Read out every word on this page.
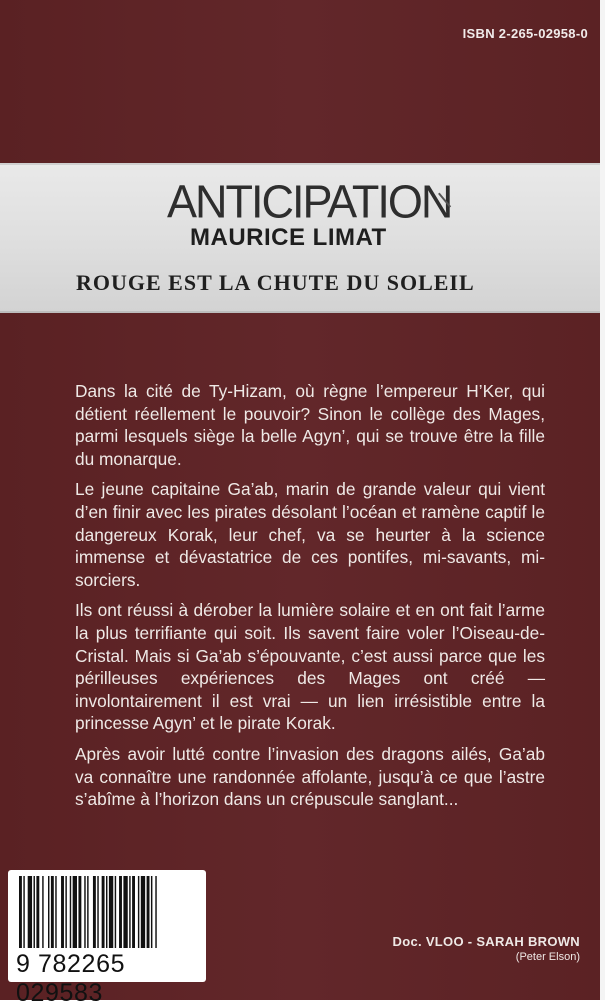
ISBN 2-265-02958-0
ANTICIPATION
MAURICE LIMAT
ROUGE EST LA CHUTE DU SOLEIL

Dans la cité de Ty-Hizam, où règne l’empereur H’Ker, qui détient réellement le pouvoir? Sinon le collège des Mages, parmi lesquels siège la belle Agyn’, qui se trouve être la fille du monarque.

Le jeune capitaine Ga’ab, marin de grande valeur qui vient d’en finir avec les pirates désolant l’océan et ramène captif le dangereux Korak, leur chef, va se heurter à la science immense et dévastatrice de ces pontifes, mi-savants, mi-sorciers.

Ils ont réussi à dérober la lumière solaire et en ont fait l’arme la plus terrifiante qui soit. Ils savent faire voler l’Oiseau-de-Cristal. Mais si Ga’ab s’épouvante, c’est aussi parce que les périlleuses expériences des Mages ont créé — involontairement il est vrai — un lien irrésistible entre la princesse Agyn’ et le pirate Korak.

Après avoir lutté contre l’invasion des dragons ailés, Ga’ab va connaître une randonnée affolante, jusqu’à ce que l’astre s’abîme à l’horizon dans un crépuscule sanglant...

9 782265 029583
Doc. VLOO - SARAH BROWN
(Peter Elson)
